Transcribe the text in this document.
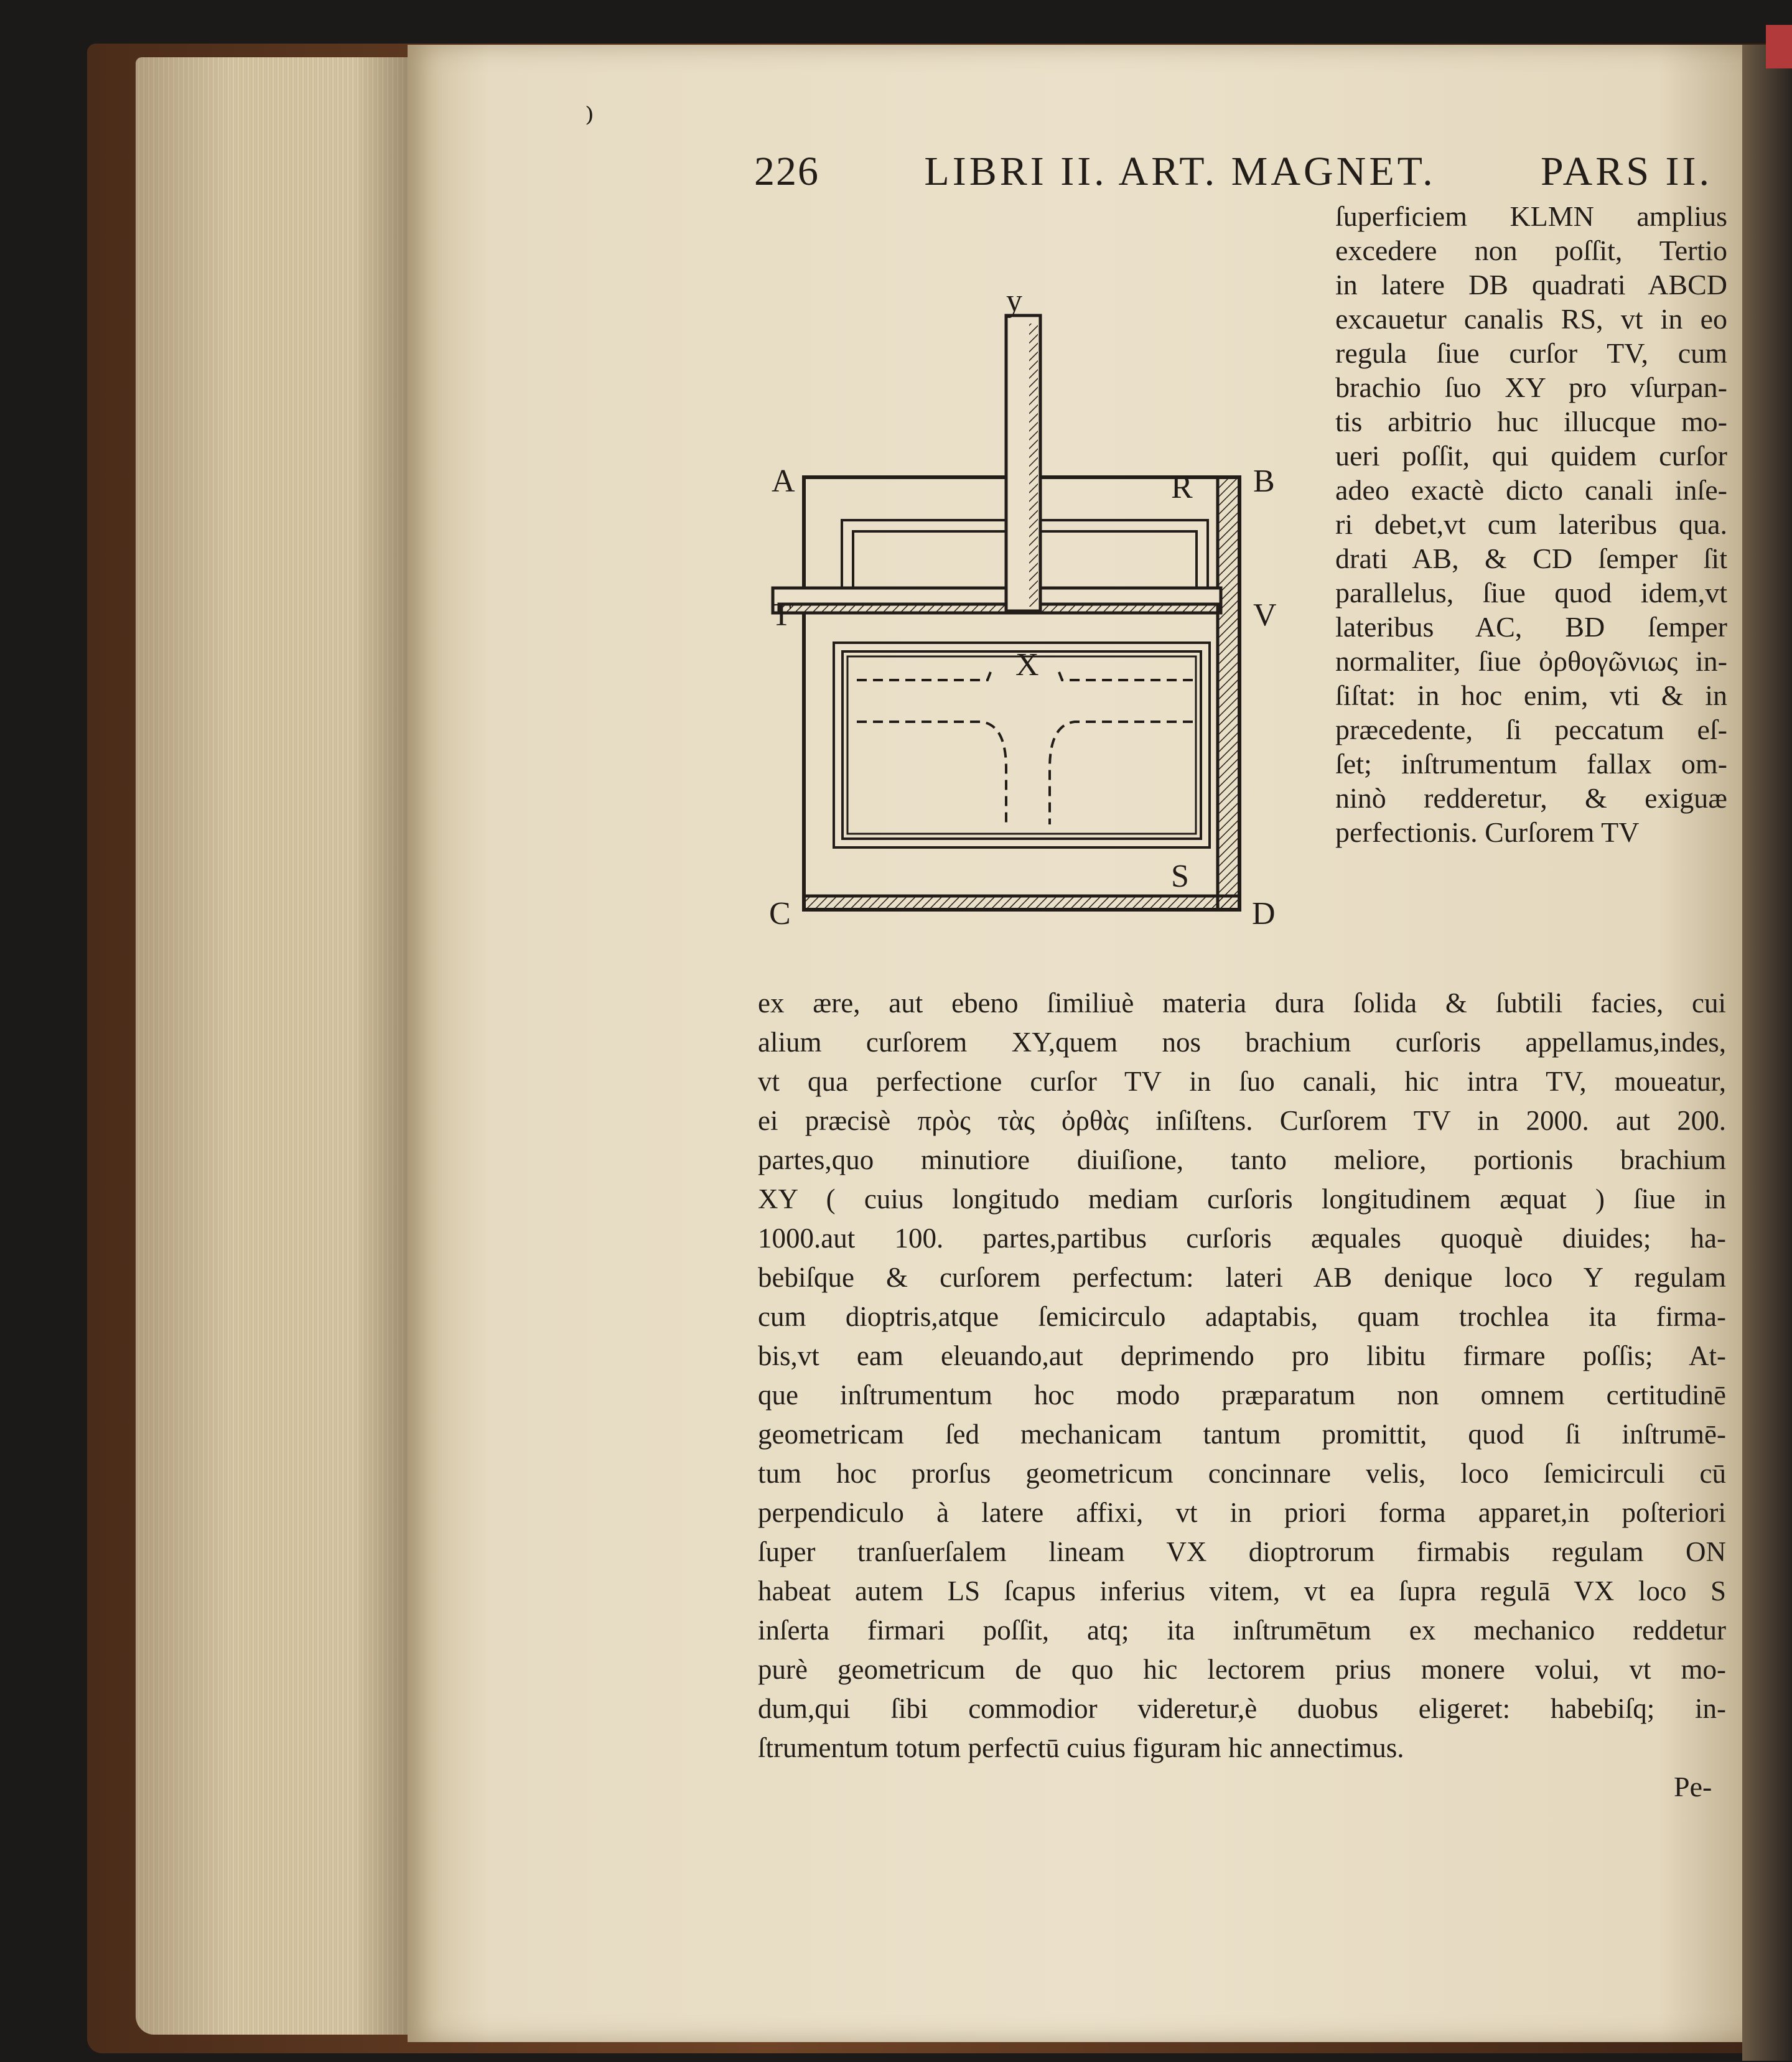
⁾
226	LIBRI II. ART. MAGNET.	PARS II.
y
A	B
R
T	V
X
C	D
S
ſuperficiem KLMN amplius
excedere non poſſit, Tertio
in latere DB quadrati ABCD
excauetur canalis RS, vt in eo
regula ſiue curſor TV, cum
brachio ſuo XY pro vſurpan-
tis arbitrio huc illucque mo-
ueri poſſit, qui quidem curſor
adeo exactè dicto canali inſe-
ri debet,vt cum lateribus qua.
drati AB, & CD ſemper ſit
parallelus, ſiue quod idem,vt
lateribus AC, BD ſemper
normaliter, ſiue ὀρθογῶνιως in-
ſiſtat: in hoc enim, vti & in
præcedente, ſi peccatum eſ-
ſet; inſtrumentum fallax om-
ninò redderetur, & exiguæ
perfectionis. Curſorem TV
ex ære, aut ebeno ſimiliuè materia dura ſolida & ſubtili facies, cui
alium curſorem XY,quem nos brachium curſoris appellamus,indes,
vt qua perfectione curſor TV in ſuo canali, hic intra TV, moueatur,
ei præcisè πρὸς τὰς ὀρθὰς inſiſtens. Curſorem TV in 2000. aut 200.
partes,quo minutiore diuiſione, tanto meliore, portionis brachium
XY ( cuius longitudo mediam curſoris longitudinem æquat ) ſiue in
1000.aut 100. partes,partibus curſoris æquales quoquè diuides; ha-
bebiſque & curſorem perfectum: lateri AB denique loco Y regulam
cum dioptris,atque ſemicirculo adaptabis, quam trochlea ita firma-
bis,vt eam eleuando,aut deprimendo pro libitu firmare poſſis; At-
que inſtrumentum hoc modo præparatum non omnem certitudinē
geometricam ſed mechanicam tantum promittit, quod ſi inſtrumē-
tum hoc prorſus geometricum concinnare velis, loco ſemicirculi cū
perpendiculo à latere affixi, vt in priori forma apparet,in poſteriori
ſuper tranſuerſalem lineam VX dioptrorum firmabis regulam ON
habeat autem LS ſcapus inferius vitem, vt ea ſupra regulā VX loco S
inſerta firmari poſſit, atq; ita inſtrumētum ex mechanico reddetur
purè geometricum de quo hic lectorem prius monere volui, vt mo-
dum,qui ſibi commodior videretur,è duobus eligeret: habebiſq; in-
ſtrumentum totum perfectū cuius figuram hic annectimus.
Pe-
